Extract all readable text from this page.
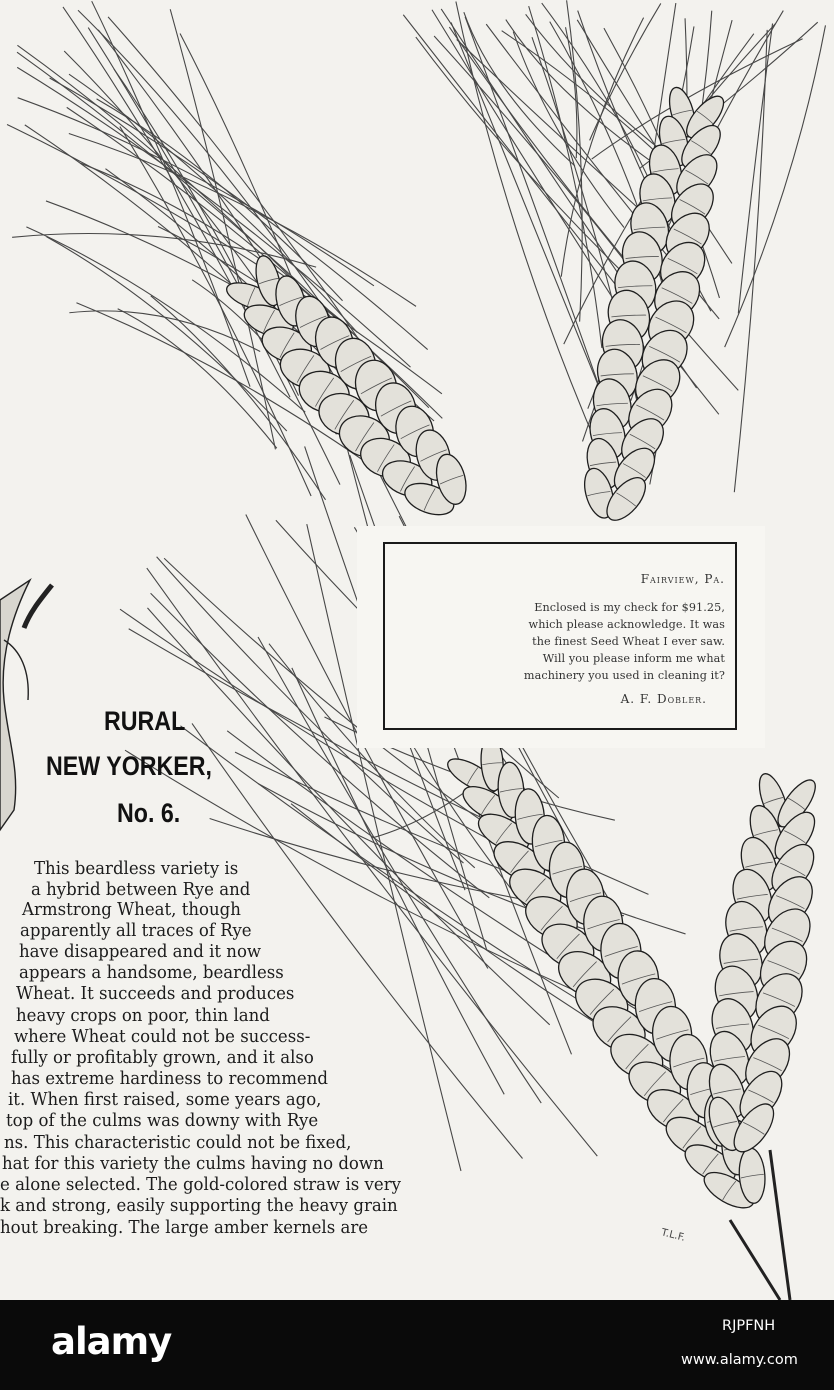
Fairview, Pa.
Enclosed is my check for $91.25,
which please acknowledge. It was
the finest Seed Wheat I ever saw.
Will you please inform me what
machinery you used in cleaning it?
A. F. Dobler.
RURAL
NEW YORKER,
No. 6.
This beardless variety is
a hybrid between Rye and
Armstrong Wheat, though
apparently all traces of Rye
have disappeared and it now
appears a handsome, beardless
Wheat. It succeeds and produces
heavy crops on poor, thin land
where Wheat could not be success-
fully or profitably grown, and it also
has extreme hardiness to recommend
it. When first raised, some years ago,
top of the culms was downy with Rye
ns. This characteristic could not be fixed,
hat for this variety the culms having no down
e alone selected. The gold-colored straw is very
k and strong, easily supporting the heavy grain
hout breaking. The large amber kernels are	T.L.F.
alamy	RJPFNH
www.alamy.com
